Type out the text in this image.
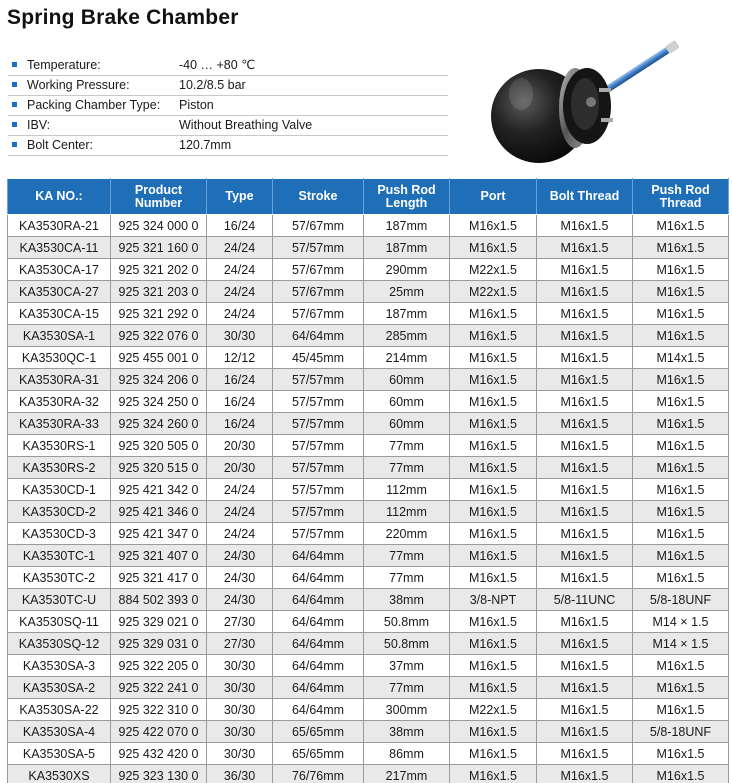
Spring Brake Chamber
Temperature:	-40 … +80 ℃
Working Pressure:	10.2/8.5 bar
Packing Chamber Type:	Piston
IBV:	Without Breathing Valve
Bolt Center:	120.7mm
KA NO.:	Product Number	Type	Stroke	Push Rod Length	Port	Bolt Thread	Push Rod Thread
KA3530RA-21	925 324 000 0	16/24	57/67mm	187mm	M16x1.5	M16x1.5	M16x1.5
KA3530CA-11	925 321 160 0	24/24	57/57mm	187mm	M16x1.5	M16x1.5	M16x1.5
KA3530CA-17	925 321 202 0	24/24	57/67mm	290mm	M22x1.5	M16x1.5	M16x1.5
KA3530CA-27	925 321 203 0	24/24	57/67mm	25mm	M22x1.5	M16x1.5	M16x1.5
KA3530CA-15	925 321 292 0	24/24	57/67mm	187mm	M16x1.5	M16x1.5	M16x1.5
KA3530SA-1	925 322 076 0	30/30	64/64mm	285mm	M16x1.5	M16x1.5	M16x1.5
KA3530QC-1	925 455 001 0	12/12	45/45mm	214mm	M16x1.5	M16x1.5	M14x1.5
KA3530RA-31	925 324 206 0	16/24	57/57mm	60mm	M16x1.5	M16x1.5	M16x1.5
KA3530RA-32	925 324 250 0	16/24	57/57mm	60mm	M16x1.5	M16x1.5	M16x1.5
KA3530RA-33	925 324 260 0	16/24	57/57mm	60mm	M16x1.5	M16x1.5	M16x1.5
KA3530RS-1	925 320 505 0	20/30	57/57mm	77mm	M16x1.5	M16x1.5	M16x1.5
KA3530RS-2	925 320 515 0	20/30	57/57mm	77mm	M16x1.5	M16x1.5	M16x1.5
KA3530CD-1	925 421 342 0	24/24	57/57mm	112mm	M16x1.5	M16x1.5	M16x1.5
KA3530CD-2	925 421 346 0	24/24	57/57mm	112mm	M16x1.5	M16x1.5	M16x1.5
KA3530CD-3	925 421 347 0	24/24	57/57mm	220mm	M16x1.5	M16x1.5	M16x1.5
KA3530TC-1	925 321 407 0	24/30	64/64mm	77mm	M16x1.5	M16x1.5	M16x1.5
KA3530TC-2	925 321 417 0	24/30	64/64mm	77mm	M16x1.5	M16x1.5	M16x1.5
KA3530TC-U	884 502 393 0	24/30	64/64mm	38mm	3/8-NPT	5/8-11UNC	5/8-18UNF
KA3530SQ-11	925 329 021 0	27/30	64/64mm	50.8mm	M16x1.5	M16x1.5	M14 × 1.5
KA3530SQ-12	925 329 031 0	27/30	64/64mm	50.8mm	M16x1.5	M16x1.5	M14 × 1.5
KA3530SA-3	925 322 205 0	30/30	64/64mm	37mm	M16x1.5	M16x1.5	M16x1.5
KA3530SA-2	925 322 241 0	30/30	64/64mm	77mm	M16x1.5	M16x1.5	M16x1.5
KA3530SA-22	925 322 310 0	30/30	64/64mm	300mm	M22x1.5	M16x1.5	M16x1.5
KA3530SA-4	925 422 070 0	30/30	65/65mm	38mm	M16x1.5	M16x1.5	5/8-18UNF
KA3530SA-5	925 432 420 0	30/30	65/65mm	86mm	M16x1.5	M16x1.5	M16x1.5
KA3530XS	925 323 130 0	36/30	76/76mm	217mm	M16x1.5	M16x1.5	M16x1.5
